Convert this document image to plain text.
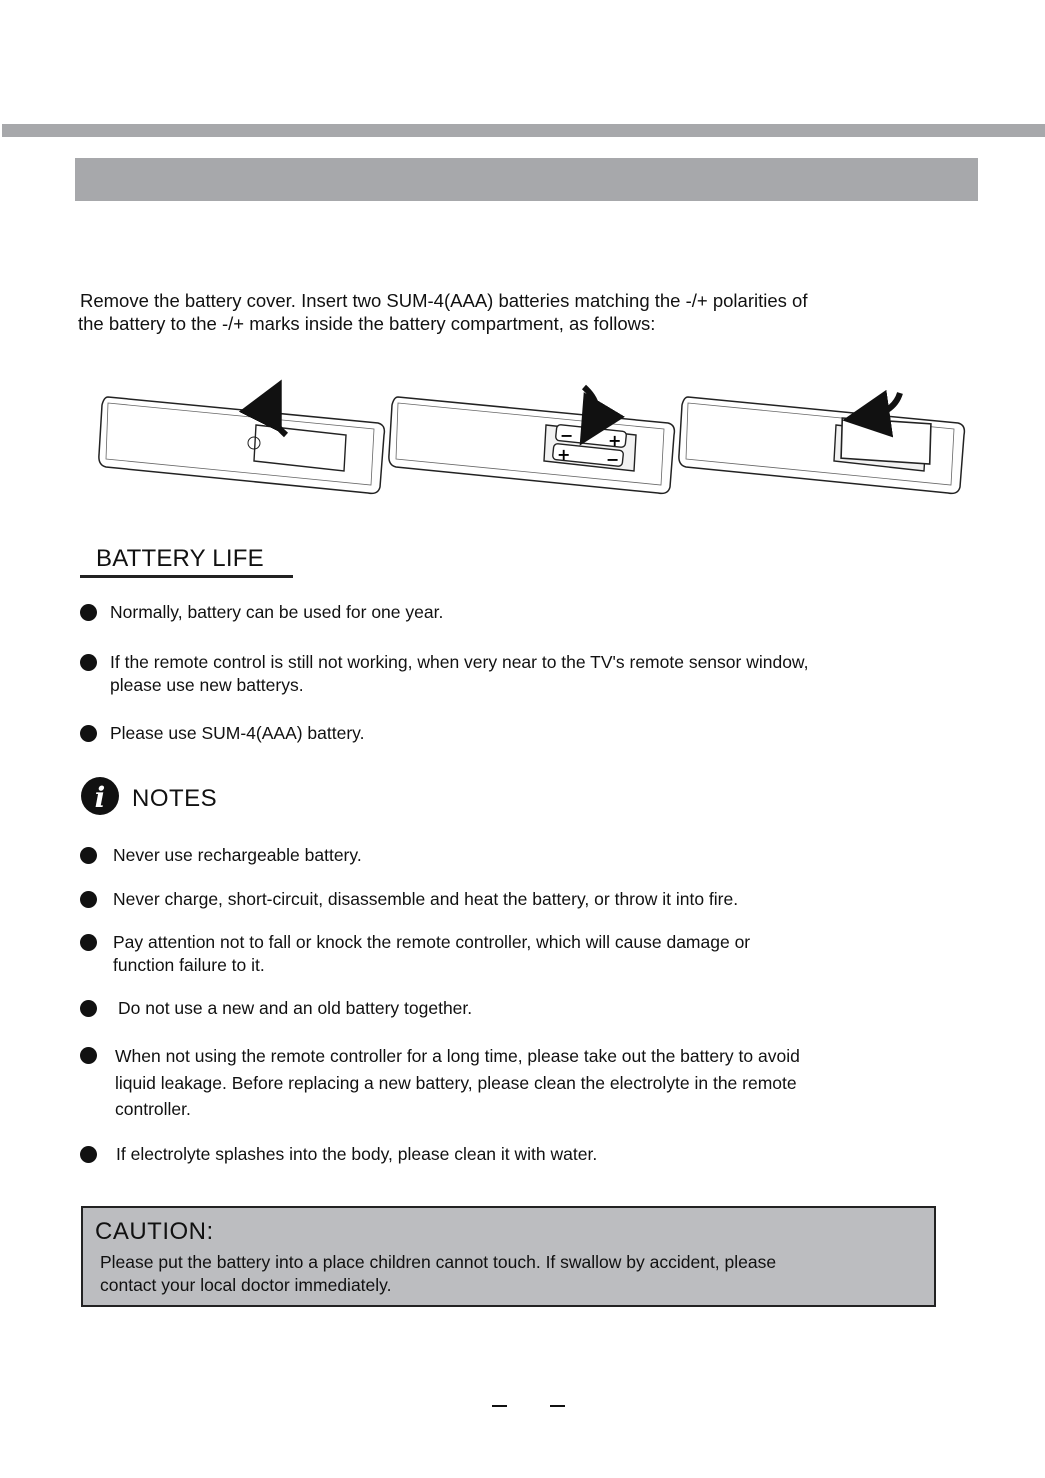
Remove the battery cover. Insert two SUM-4(AAA) batteries matching the -/+ polarities of
the battery to the -/+ marks inside the battery compartment, as follows:
− +
+ −
BATTERY LIFE
Normally, battery can be used for one year.
If the remote control is still not working, when very near to the TV's remote sensor window,
please use new batterys.
Please use SUM-4(AAA) battery.
i NOTES
Never use rechargeable battery.
Never charge, short-circuit, disassemble and heat the battery, or throw it into fire.
Pay attention not to fall or knock the remote controller, which will cause damage or
function failure to it.
Do not use a new and an old battery together.
When not using the remote controller for a long time, please take out the battery to avoid
liquid leakage. Before replacing a new battery, please clean the electrolyte in the remote
controller.
If electrolyte splashes into the body, please clean it with water.
CAUTION:
Please put the battery into a place children cannot touch. If swallow by accident, please
contact your local doctor immediately.
